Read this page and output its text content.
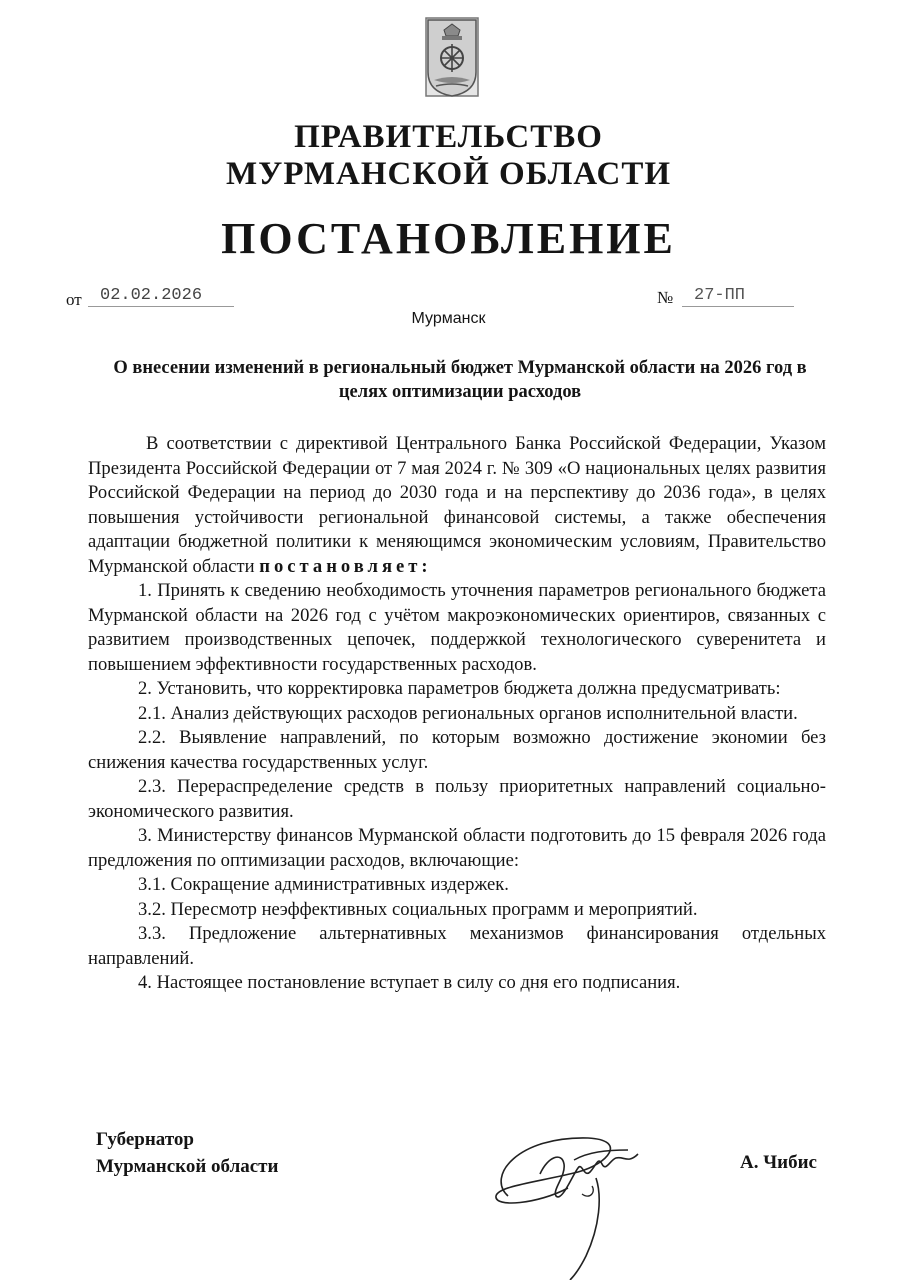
ПРАВИТЕЛЬСТВО
МУРМАНСКОЙ ОБЛАСТИ
ПОСТАНОВЛЕНИЕ
от	02.02.2026	№	27-ПП
Мурманск
О внесении изменений в региональный бюджет Мурманской области на 2026 год в целях оптимизации расходов

В соответствии с директивой Центрального Банка Российской Федерации, Указом Президента Российской Федерации от 7 мая 2024 г. № 309 «О национальных целях развития Российской Федерации на период до 2030 года и на перспективу до 2036 года», в целях повышения устойчивости региональной финансовой системы, а также обеспечения адаптации бюджетной политики к меняющимся экономическим условиям, Правительство Мурманской области постановляет:

1. Принять к сведению необходимость уточнения параметров регионального бюджета Мурманской области на 2026 год с учётом макроэкономических ориентиров, связанных с развитием производственных цепочек, поддержкой технологического суверенитета и повышением эффективности государственных расходов.

2. Установить, что корректировка параметров бюджета должна предусматривать:

2.1. Анализ действующих расходов региональных органов исполнительной власти.

2.2. Выявление направлений, по которым возможно достижение экономии без снижения качества государственных услуг.

2.3. Перераспределение средств в пользу приоритетных направлений социально-экономического развития.

3. Министерству финансов Мурманской области подготовить до 15 февраля 2026 года предложения по оптимизации расходов, включающие:

3.1. Сокращение административных издержек.

3.2. Пересмотр неэффективных социальных программ и мероприятий.

3.3. Предложение альтернативных механизмов финансирования отдельных направлений.

4. Настоящее постановление вступает в силу со дня его подписания.

Губернатор
Мурманской области	А. Чибис
